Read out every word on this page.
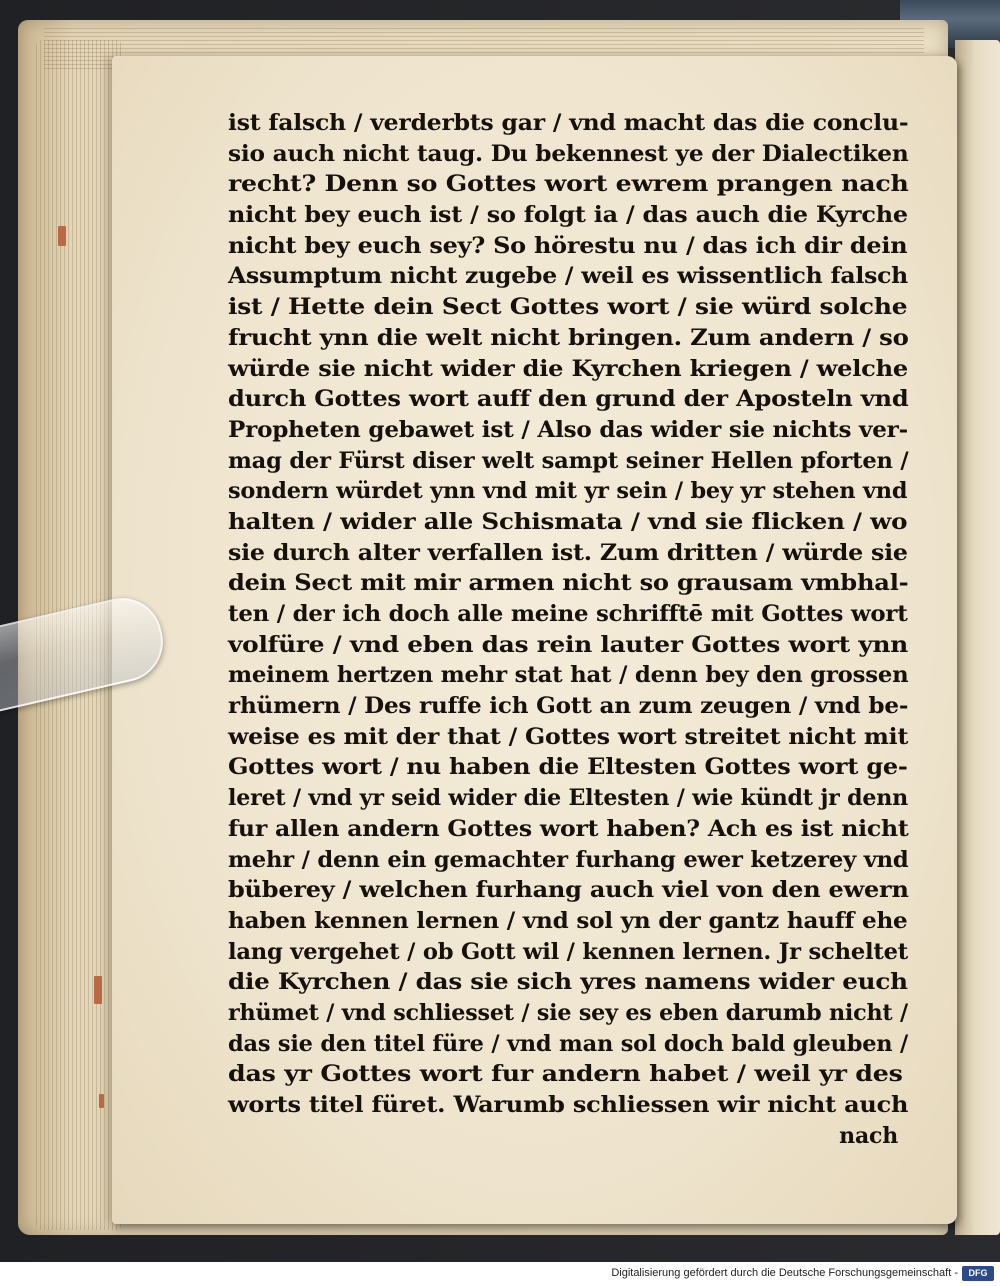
ist falsch / verderbts gar / vnd macht das die conclu-
sio auch nicht taug. Du bekennest ye der Dialectiken
recht? Denn so Gottes wort ewrem prangen nach
nicht bey euch ist / so folgt ia / das auch die Kyrche
nicht bey euch sey? So hörestu nu / das ich dir dein
Assumptum nicht zugebe / weil es wissentlich falsch
ist / Hette dein Sect Gottes wort / sie würd solche
frucht ynn die welt nicht bringen. Zum andern / so
würde sie nicht wider die Kyrchen kriegen / welche
durch Gottes wort auff den grund der Aposteln vnd
Propheten gebawet ist / Also das wider sie nichts ver-
mag der Fürst diser welt sampt seiner Hellen pforten /
sondern würdet ynn vnd mit yr sein / bey yr stehen vnd
halten / wider alle Schismata / vnd sie flicken / wo
sie durch alter verfallen ist. Zum dritten / würde sie
dein Sect mit mir armen nicht so grausam vmbhal-
ten / der ich doch alle meine schrifftē mit Gottes wort
volfüre / vnd eben das rein lauter Gottes wort ynn
meinem hertzen mehr stat hat / denn bey den grossen
rhümern / Des ruffe ich Gott an zum zeugen / vnd be-
weise es mit der that / Gottes wort streitet nicht mit
Gottes wort / nu haben die Eltesten Gottes wort ge-
leret / vnd yr seid wider die Eltesten / wie kündt jr denn
fur allen andern Gottes wort haben? Ach es ist nicht
mehr / denn ein gemachter furhang ewer ketzerey vnd
büberey / welchen furhang auch viel von den ewern
haben kennen lernen / vnd sol yn der gantz hauff ehe
lang vergehet / ob Gott wil / kennen lernen. Jr scheltet
die Kyrchen / das sie sich yres namens wider euch
rhümet / vnd schliesset / sie sey es eben darumb nicht /
das sie den titel füre / vnd man sol doch bald gleuben /
das yr Gottes wort fur andern habet / weil yr des
worts titel füret. Warumb schliessen wir nicht auch
nach
Digitalisierung gefördert durch die Deutsche Forschungsgemeinschaft -	DFG
